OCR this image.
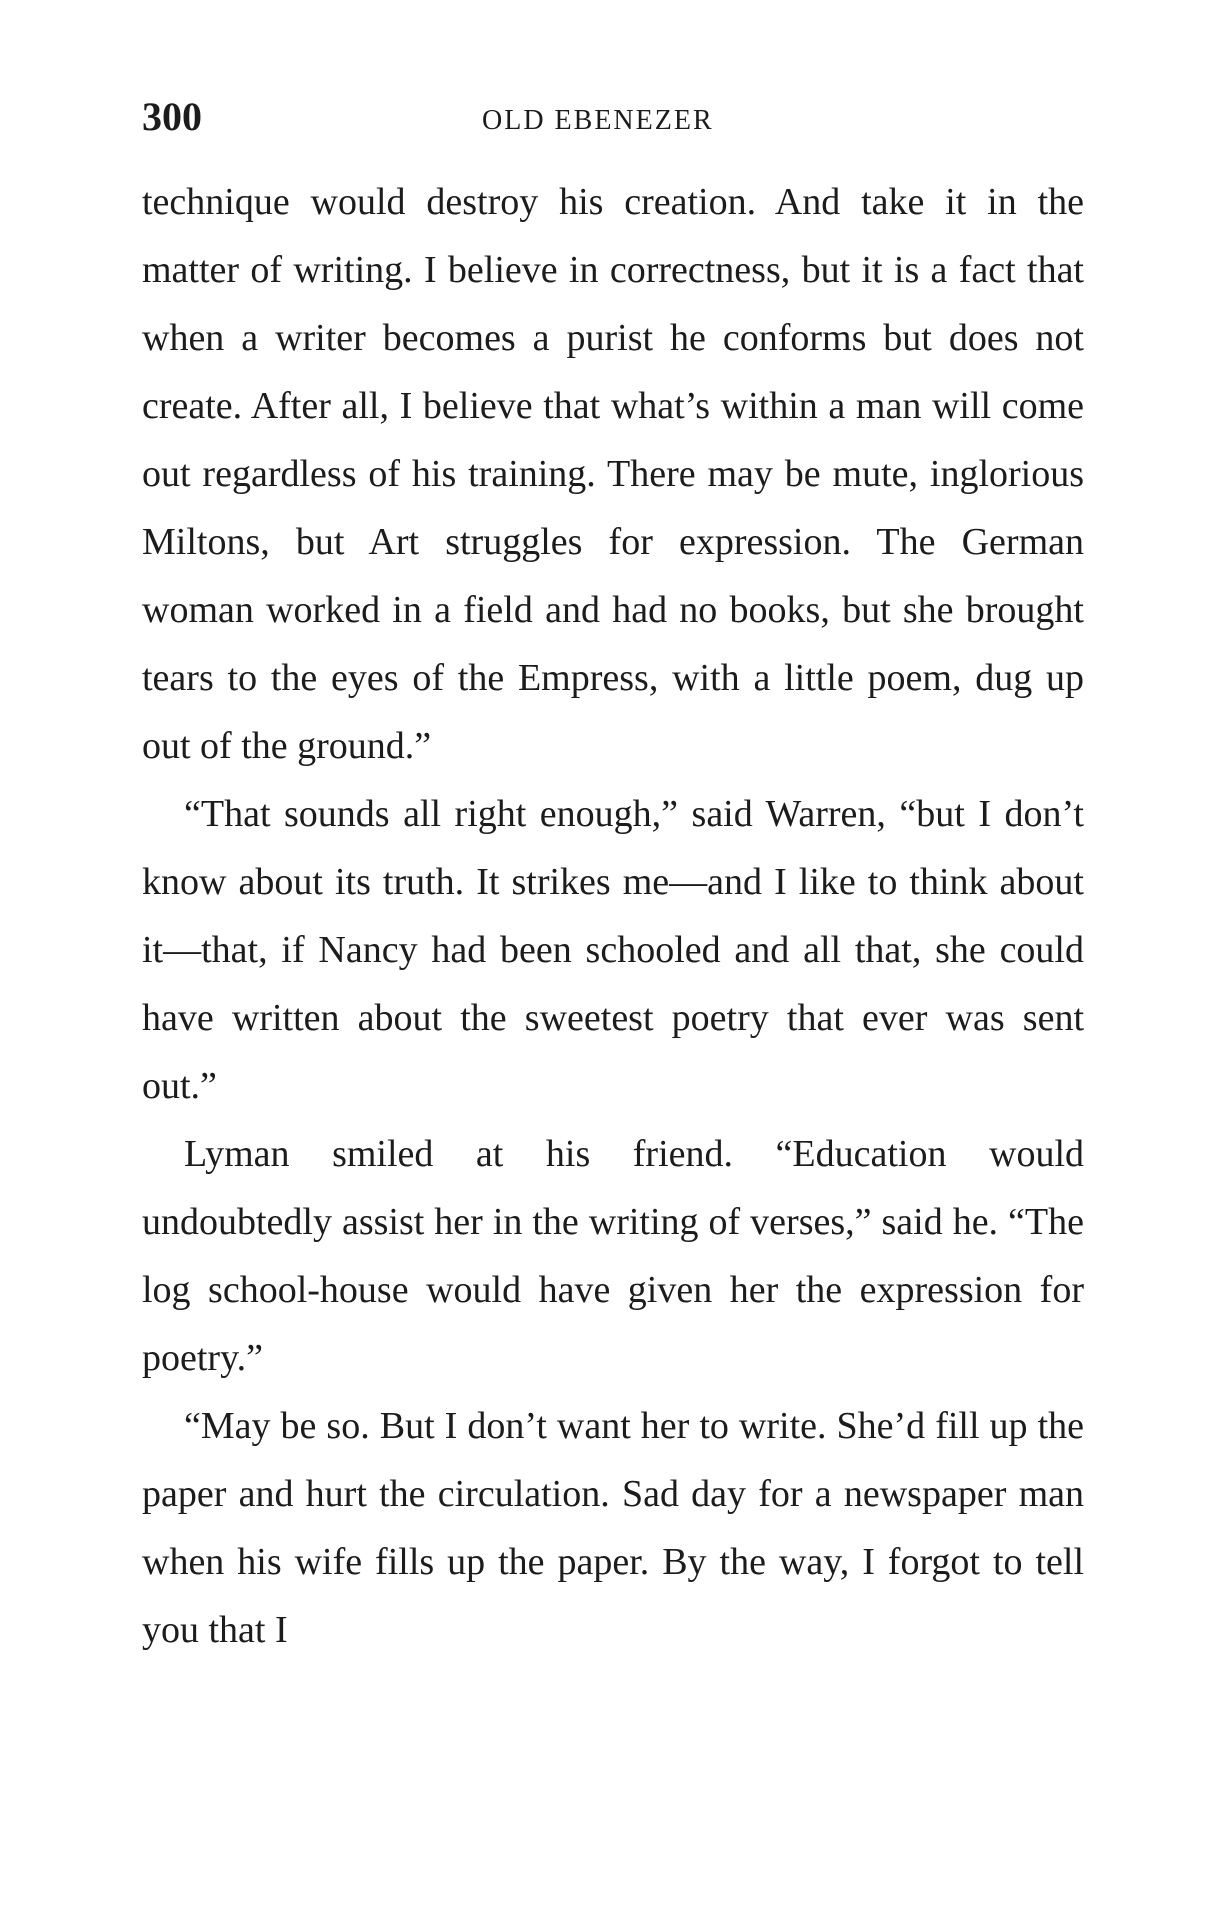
300	OLD EBENEZER

technique would destroy his creation. And take it in the matter of writing. I believe in correctness, but it is a fact that when a writer becomes a purist he conforms but does not create. After all, I believe that what’s within a man will come out regardless of his training. There may be mute, inglorious Miltons, but Art struggles for expression. The German woman worked in a field and had no books, but she brought tears to the eyes of the Empress, with a little poem, dug up out of the ground.”

“That sounds all right enough,” said Warren, “but I don’t know about its truth. It strikes me—and I like to think about it—that, if Nancy had been schooled and all that, she could have written about the sweetest poetry that ever was sent out.”

Lyman smiled at his friend. “Education would undoubtedly assist her in the writing of verses,” said he. “The log school-house would have given her the expression for poetry.”

“May be so. But I don’t want her to write. She’d fill up the paper and hurt the circulation. Sad day for a newspaper man when his wife fills up the paper. By the way, I forgot to tell you that I
